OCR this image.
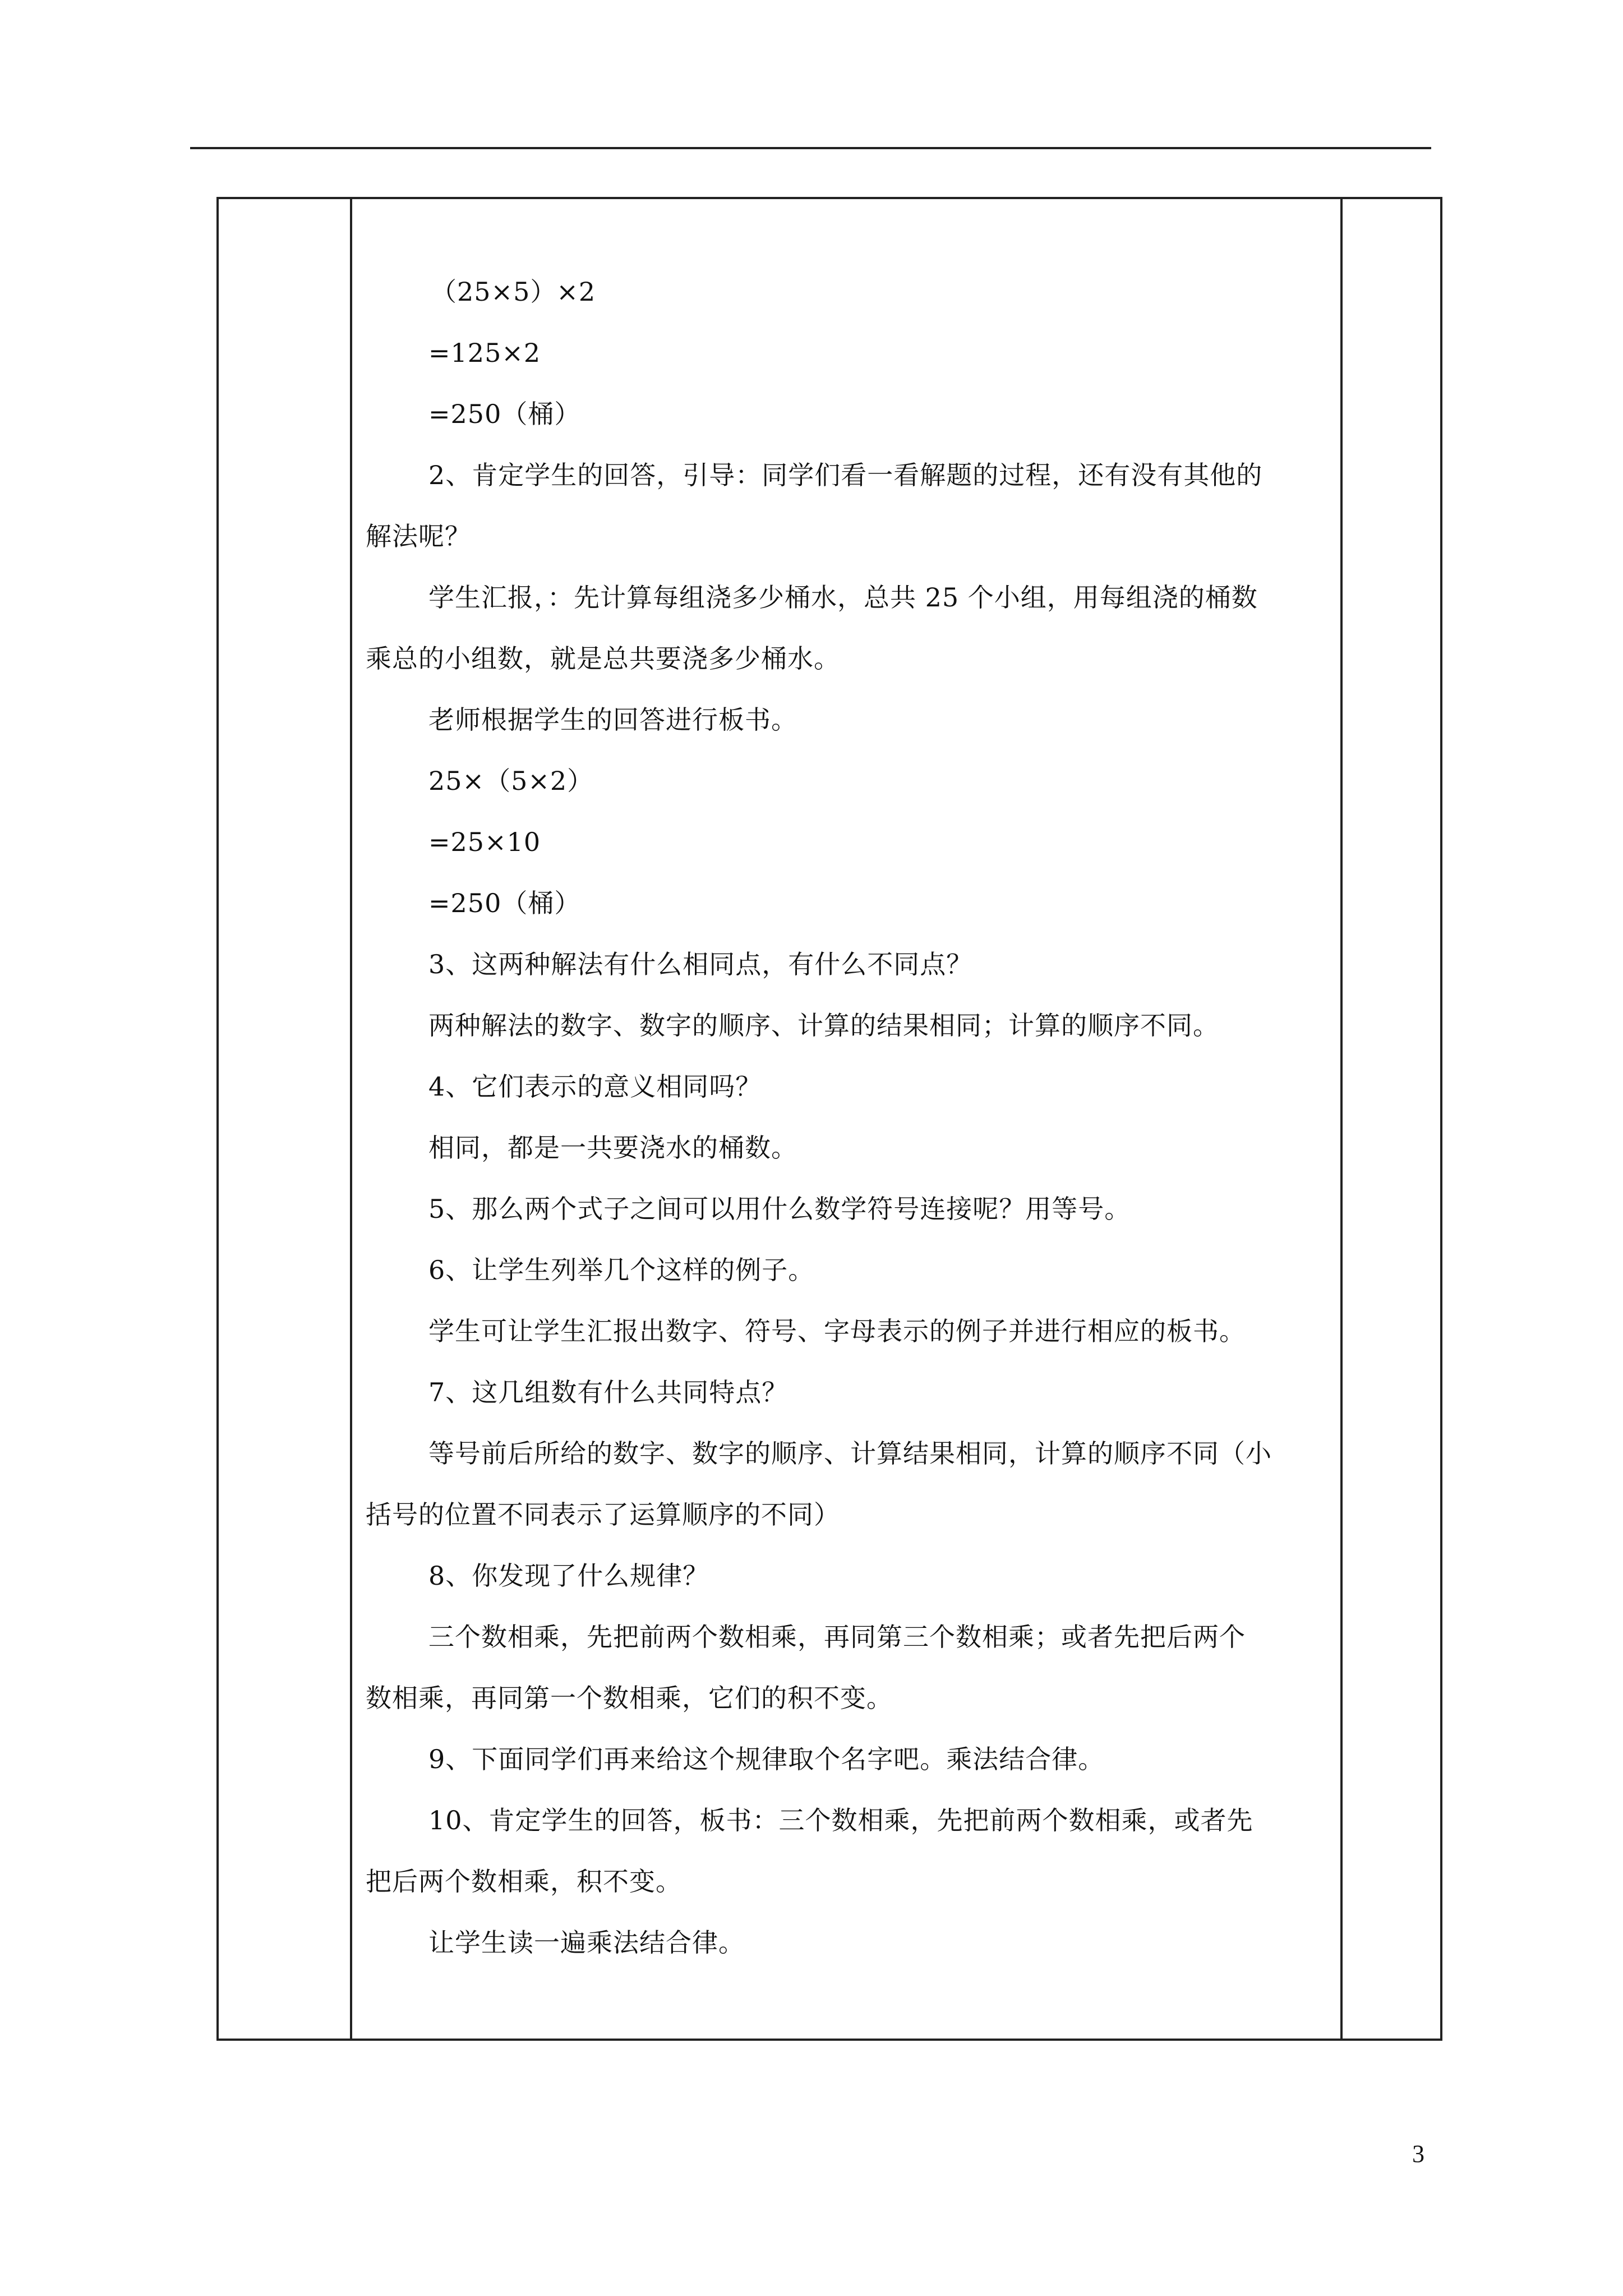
（25×5）×2
=125×2
=250（桶）
2、肯定学生的回答，引导：同学们看一看解题的过程，还有没有其他的
解法呢？
学生汇报，：先计算每组浇多少桶水，总共 25 个小组，用每组浇的桶数
乘总的小组数，就是总共要浇多少桶水。
老师根据学生的回答进行板书。
25×（5×2）
=25×10
=250（桶）
3、这两种解法有什么相同点，有什么不同点？
两种解法的数字、数字的顺序、计算的结果相同；计算的顺序不同。
4、它们表示的意义相同吗？
相同，都是一共要浇水的桶数。
5、那么两个式子之间可以用什么数学符号连接呢？用等号。
6、让学生列举几个这样的例子。
学生可让学生汇报出数字、符号、字母表示的例子并进行相应的板书。
7、这几组数有什么共同特点？
等号前后所给的数字、数字的顺序、计算结果相同，计算的顺序不同（小
括号的位置不同表示了运算顺序的不同）
8、你发现了什么规律？
三个数相乘，先把前两个数相乘，再同第三个数相乘；或者先把后两个
数相乘，再同第一个数相乘，它们的积不变。
9、下面同学们再来给这个规律取个名字吧。乘法结合律。
10、肯定学生的回答，板书：三个数相乘，先把前两个数相乘，或者先
把后两个数相乘，积不变。
让学生读一遍乘法结合律。
3
